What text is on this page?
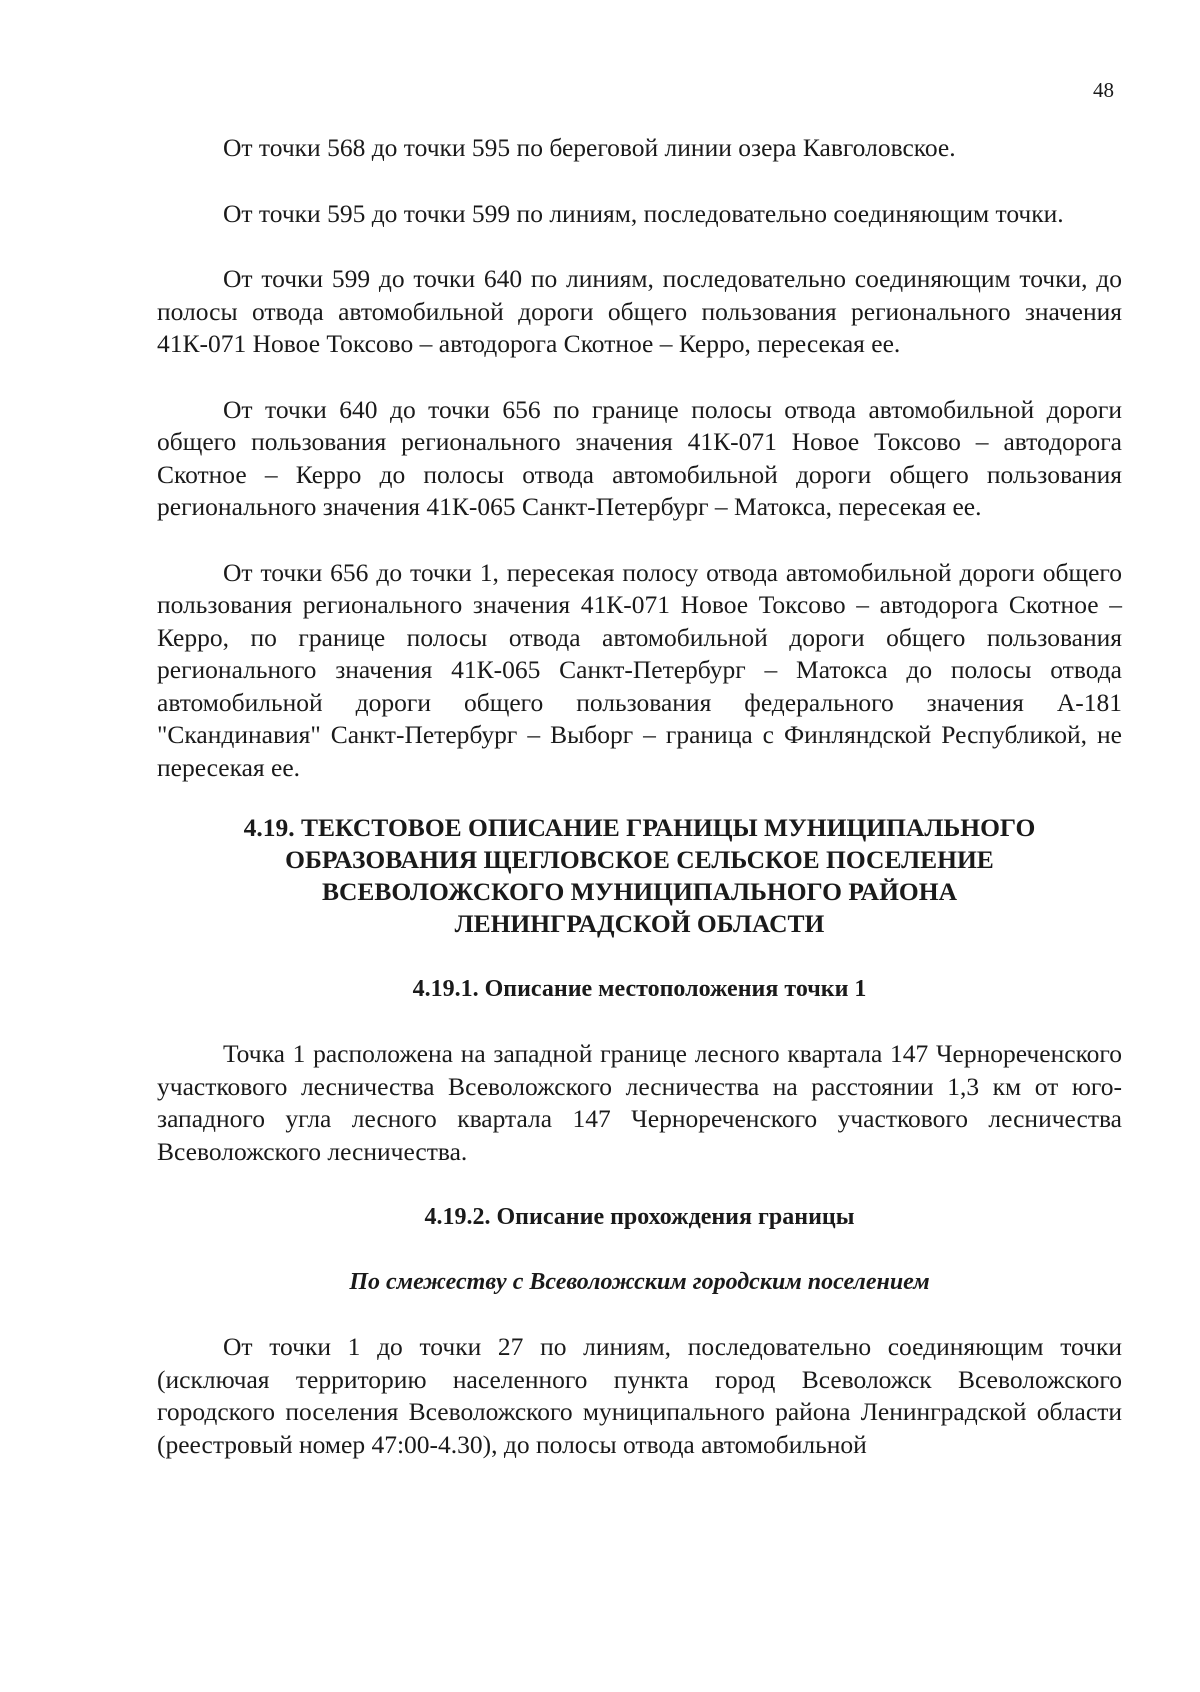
48

От точки 568 до точки 595 по береговой линии озера Кавголовское.

От точки 595 до точки 599 по линиям, последовательно соединяющим точки.

От точки 599 до точки 640 по линиям, последовательно соединяющим точки, до полосы отвода автомобильной дороги общего пользования регионального значения 41К-071 Новое Токсово – автодорога Скотное – Керро, пересекая ее.

От точки 640 до точки 656 по границе полосы отвода автомобильной дороги общего пользования регионального значения 41К-071 Новое Токсово – автодорога Скотное – Керро до полосы отвода автомобильной дороги общего пользования регионального значения 41К-065 Санкт-Петербург – Матокса, пересекая ее.

От точки 656 до точки 1, пересекая полосу отвода автомобильной дороги общего пользования регионального значения 41К-071 Новое Токсово – автодорога Скотное – Керро, по границе полосы отвода автомобильной дороги общего пользования регионального значения 41К-065 Санкт-Петербург – Матокса до полосы отвода автомобильной дороги общего пользования федерального значения А-181 "Скандинавия" Санкт-Петербург – Выборг – граница с Финляндской Республикой, не пересекая ее.

4.19. ТЕКСТОВОЕ ОПИСАНИЕ ГРАНИЦЫ МУНИЦИПАЛЬНОГО
ОБРАЗОВАНИЯ ЩЕГЛОВСКОЕ СЕЛЬСКОЕ ПОСЕЛЕНИЕ
ВСЕВОЛОЖСКОГО МУНИЦИПАЛЬНОГО РАЙОНА
ЛЕНИНГРАДСКОЙ ОБЛАСТИ
4.19.1. Описание местоположения точки 1

Точка 1 расположена на западной границе лесного квартала 147 Чернореченского участкового лесничества Всеволожского лесничества на расстоянии 1,3 км от юго-западного угла лесного квартала 147 Чернореченского участкового лесничества Всеволожского лесничества.

4.19.2. Описание прохождения границы
По смежеству с Всеволожским городским поселением

От точки 1 до точки 27 по линиям, последовательно соединяющим точки (исключая территорию населенного пункта город Всеволожск Всеволожского городского поселения Всеволожского муниципального района Ленинградской области (реестровый номер 47:00-4.30), до полосы отвода автомобильной
